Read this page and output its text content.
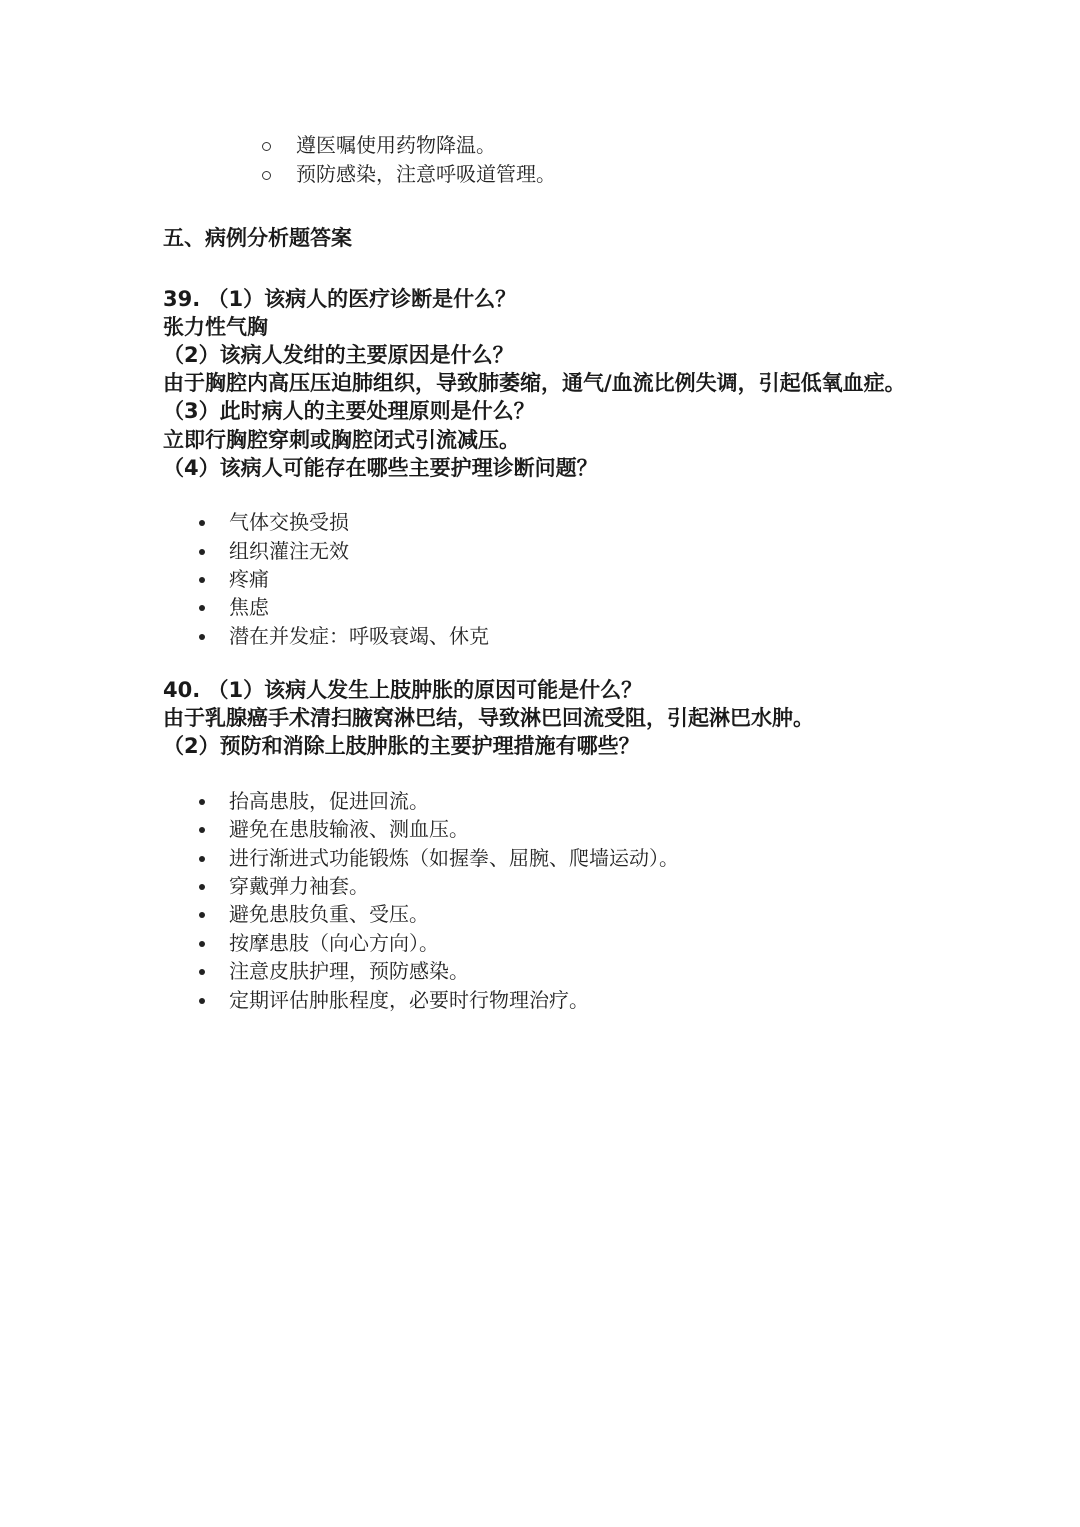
遵医嘱使用药物降温。
预防感染，注意呼吸道管理。
五、病例分析题答案
39. （1）该病人的医疗诊断是什么？
张力性气胸
（2）该病人发绀的主要原因是什么？
由于胸腔内高压压迫肺组织，导致肺萎缩，通气/血流比例失调，引起低氧血症。
（3）此时病人的主要处理原则是什么？
立即行胸腔穿刺或胸腔闭式引流减压。
（4）该病人可能存在哪些主要护理诊断问题？
气体交换受损
组织灌注无效
疼痛
焦虑
潜在并发症：呼吸衰竭、休克
40. （1）该病人发生上肢肿胀的原因可能是什么？
由于乳腺癌手术清扫腋窝淋巴结，导致淋巴回流受阻，引起淋巴水肿。
（2）预防和消除上肢肿胀的主要护理措施有哪些？
抬高患肢，促进回流。
避免在患肢输液、测血压。
进行渐进式功能锻炼（如握拳、屈腕、爬墙运动）。
穿戴弹力袖套。
避免患肢负重、受压。
按摩患肢（向心方向）。
注意皮肤护理，预防感染。
定期评估肿胀程度，必要时行物理治疗。
